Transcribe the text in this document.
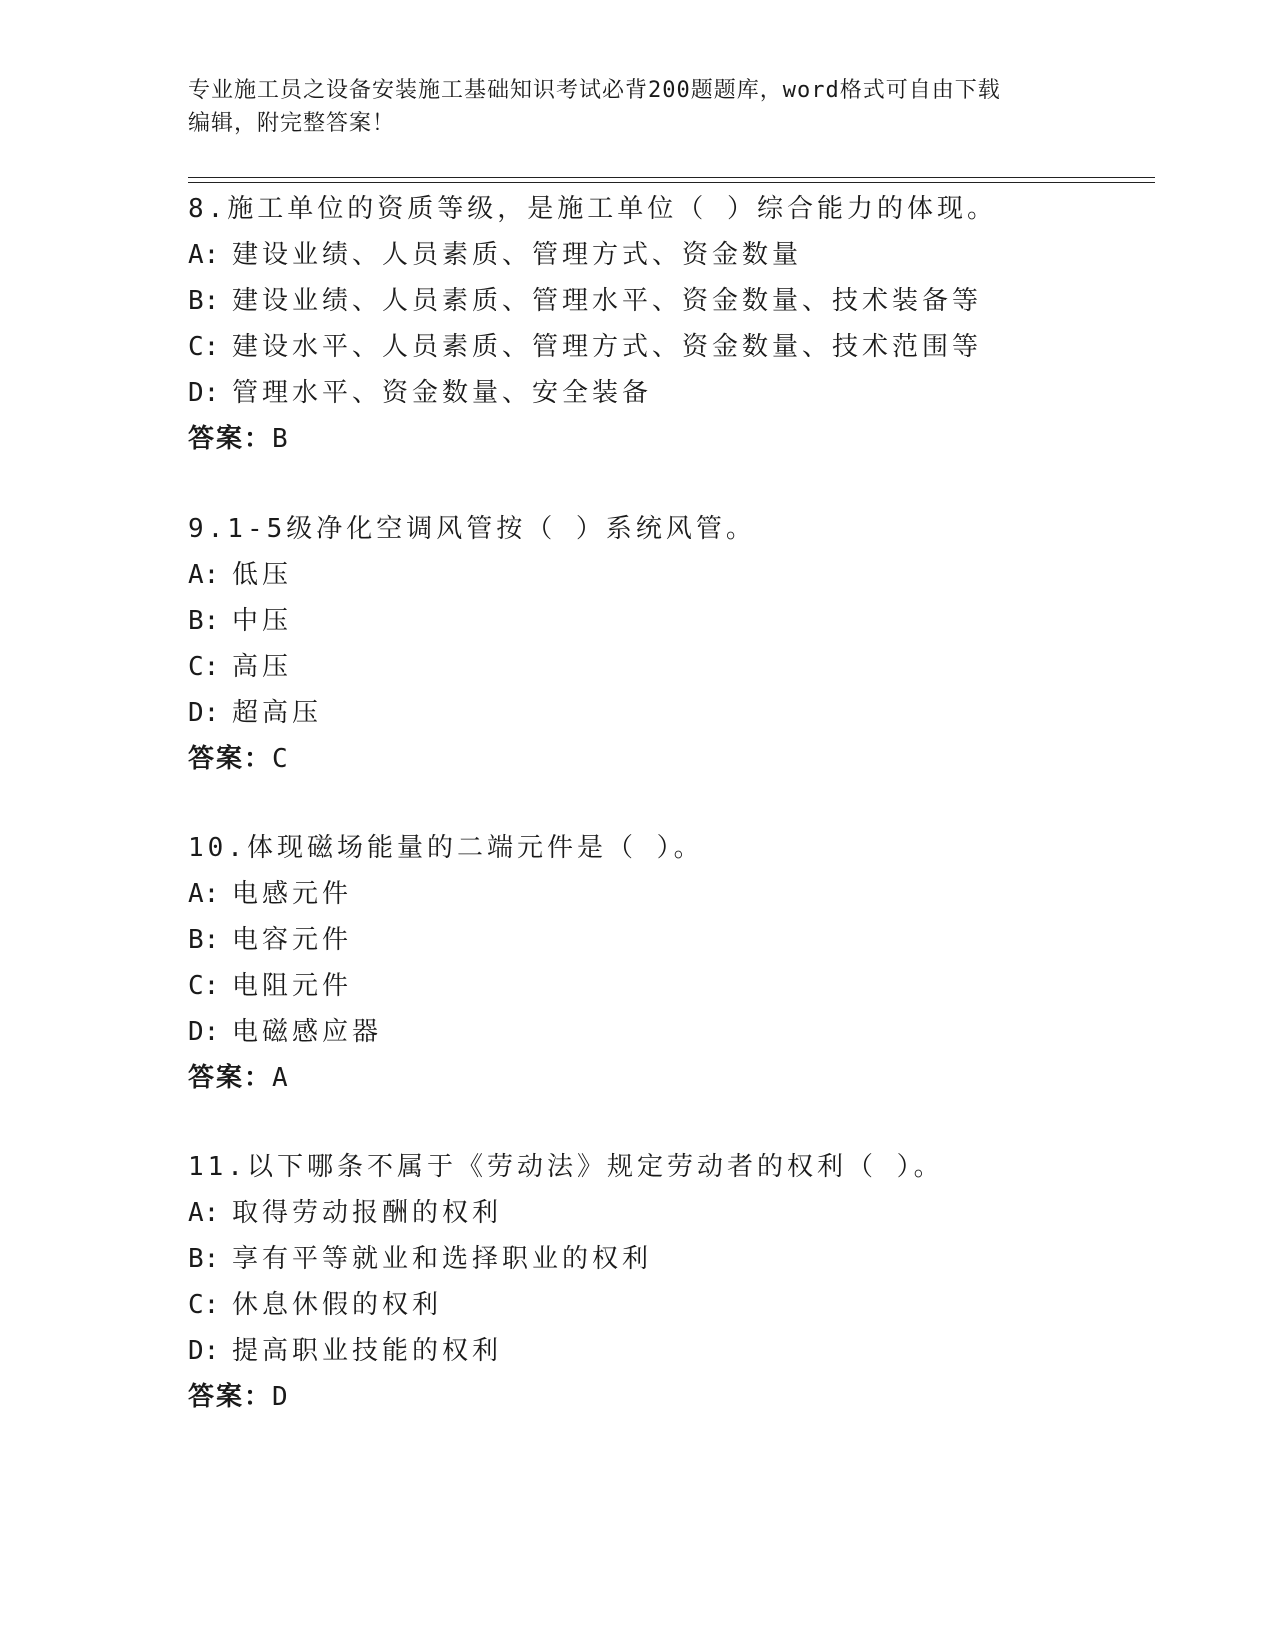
专业施工员之设备安装施工基础知识考试必背200题题库，word格式可自由下载
编辑，附完整答案！
8.施工单位的资质等级，是施工单位（ ）综合能力的体现。
A: 建设业绩、人员素质、管理方式、资金数量
B: 建设业绩、人员素质、管理水平、资金数量、技术装备等
C: 建设水平、人员素质、管理方式、资金数量、技术范围等
D: 管理水平、资金数量、安全装备
答案：B
9.1-5级净化空调风管按（ ）系统风管。
A: 低压
B: 中压
C: 高压
D: 超高压
答案：C
10.体现磁场能量的二端元件是（ ）。
A: 电感元件
B: 电容元件
C: 电阻元件
D: 电磁感应器
答案：A
11.以下哪条不属于《劳动法》规定劳动者的权利（ ）。
A: 取得劳动报酬的权利
B: 享有平等就业和选择职业的权利
C: 休息休假的权利
D: 提高职业技能的权利
答案：D
